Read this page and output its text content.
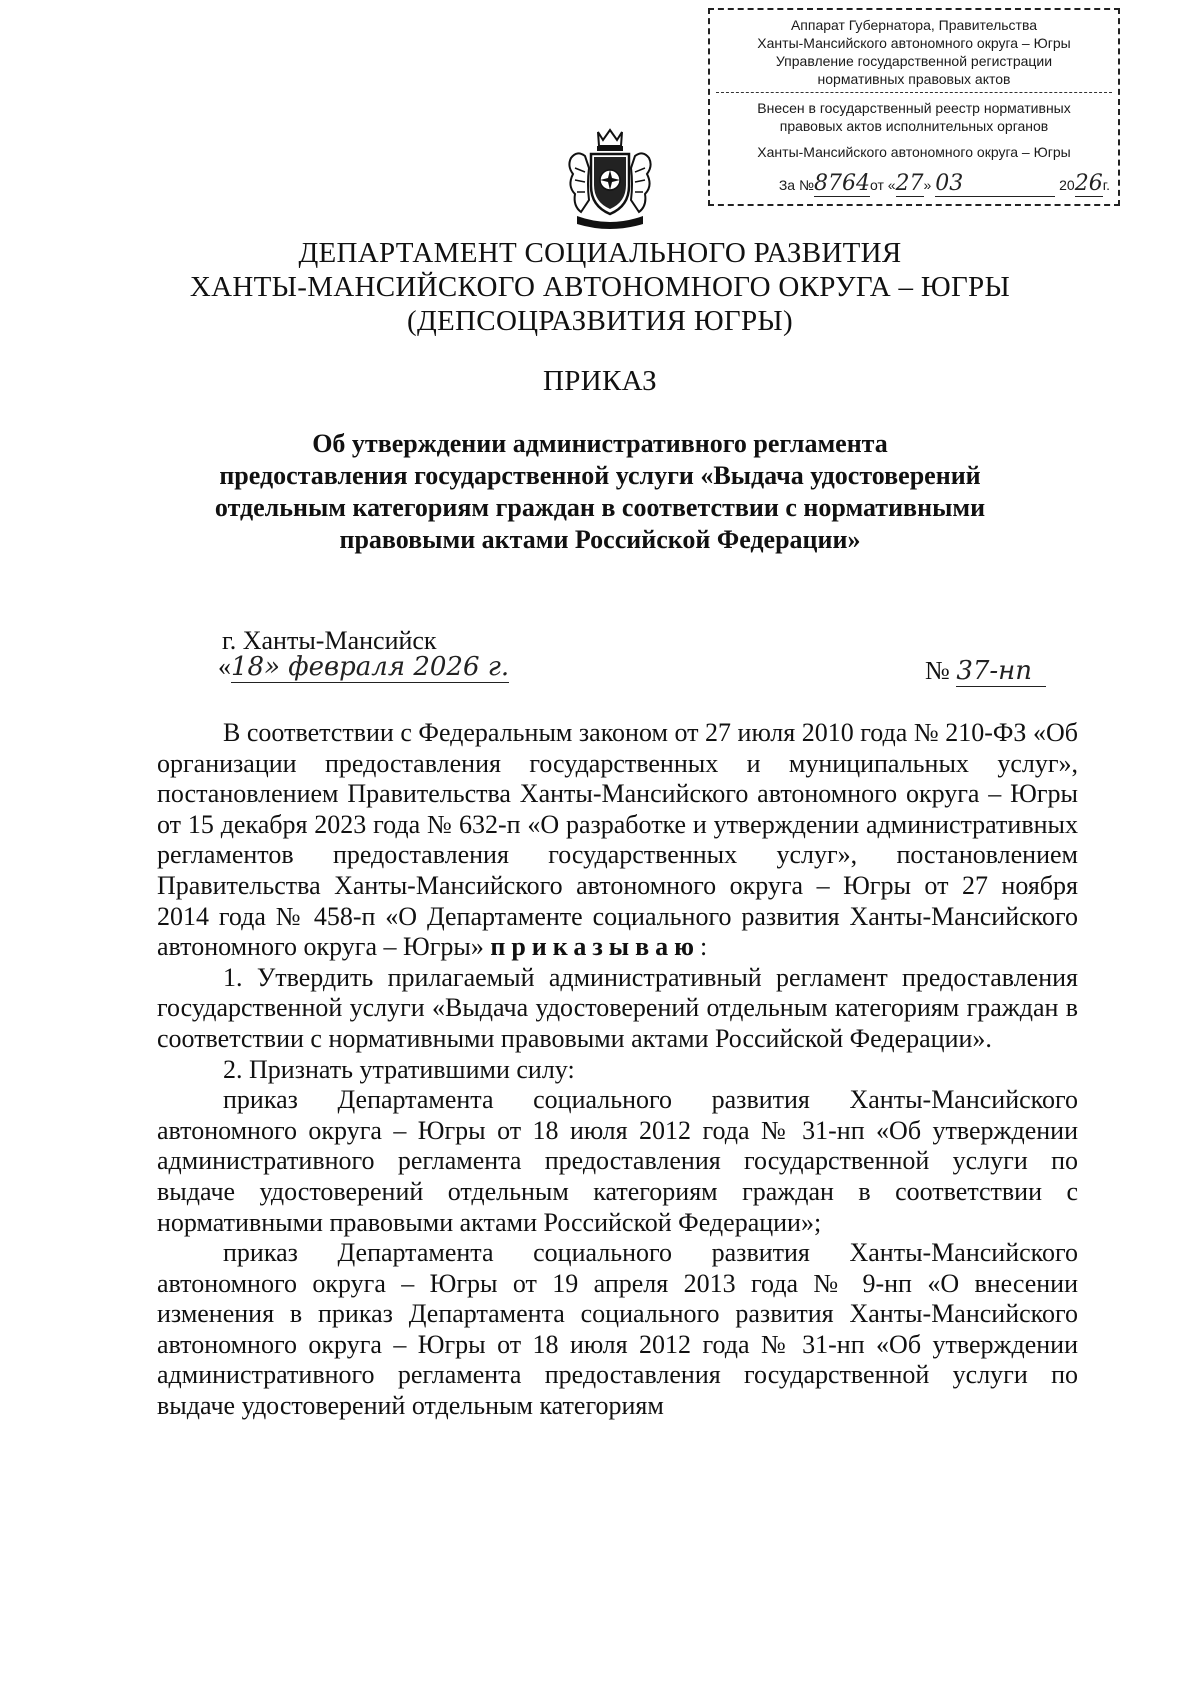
Аппарат Губернатора, Правительства
Ханты-Мансийского автономного округа – Югры
Управление государственной регистрации
нормативных правовых актов
Внесен в государственный реестр нормативных
правовых актов исполнительных органов
Ханты-Мансийского автономного округа – Югры
За №8764от «27» 03	2026г.
ДЕПАРТАМЕНТ СОЦИАЛЬНОГО РАЗВИТИЯ
ХАНТЫ-МАНСИЙСКОГО АВТОНОМНОГО ОКРУГА – ЮГРЫ
(ДЕПСОЦРАЗВИТИЯ ЮГРЫ)
ПРИКАЗ
Об утверждении административного регламента
предоставления государственной услуги «Выдача удостоверений
отдельным категориям граждан в соответствии с нормативными
правовыми актами Российской Федерации»
г. Ханты-Мансийск
«18» февраля 2026 г.	№ 37-нп

В соответствии с Федеральным законом от 27 июля 2010 года № 210-ФЗ «Об организации предоставления государственных и муниципальных услуг», постановлением Правительства Ханты-Мансийского автономного округа – Югры от 15 декабря 2023 года № 632-п «О разработке и утверждении административных регламентов предоставления государственных услуг», постановлением Правительства Ханты-Мансийского автономного округа – Югры от 27 ноября 2014 года № 458-п «О Департаменте социального развития Ханты-Мансийского автономного округа – Югры» приказываю:

1. Утвердить прилагаемый административный регламент предоставления государственной услуги «Выдача удостоверений отдельным категориям граждан в соответствии с нормативными правовыми актами Российской Федерации».

2. Признать утратившими силу:

приказ Департамента социального развития Ханты-Мансийского автономного округа – Югры от 18 июля 2012 года № 31-нп «Об утверждении административного регламента предоставления государственной услуги по выдаче удостоверений отдельным категориям граждан в соответствии с нормативными правовыми актами Российской Федерации»;

приказ Департамента социального развития Ханты-Мансийского автономного округа – Югры от 19 апреля 2013 года № 9-нп «О внесении изменения в приказ Департамента социального развития Ханты-Мансийского автономного округа – Югры от 18 июля 2012 года № 31-нп «Об утверждении административного регламента предоставления государственной услуги по выдаче удостоверений отдельным категориям
